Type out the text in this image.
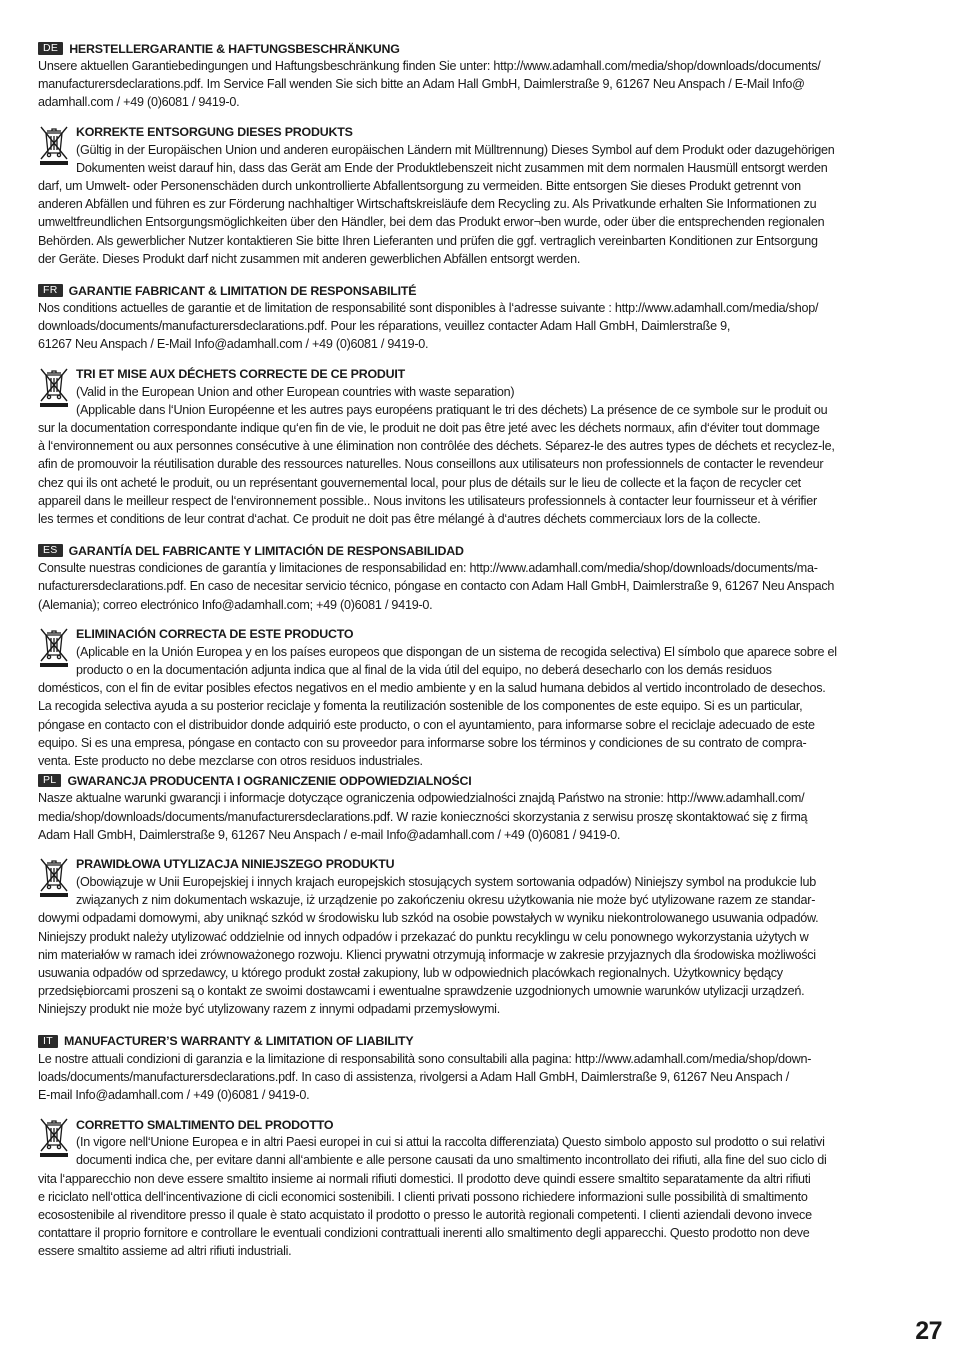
DE HERSTELLERGARANTIE & HAFTUNGSBESCHRÄNKUNG

Unsere aktuellen Garantiebedingungen und Haftungsbeschränkung finden Sie unter: http://www.adamhall.com/media/shop/downloads/documents/

manufacturersdeclarations.pdf. Im Service Fall wenden Sie sich bitte an Adam Hall GmbH, Daimlerstraße 9, 61267 Neu Anspach / E-Mail Info@

adamhall.com / +49 (0)6081 / 9419-0.

KORREKTE ENTSORGUNG DIESES PRODUKTS

(Gültig in der Europäischen Union und anderen europäischen Ländern mit Mülltrennung) Dieses Symbol auf dem Produkt oder dazugehörigen

Dokumenten weist darauf hin, dass das Gerät am Ende der Produktlebenszeit nicht zusammen mit dem normalen Hausmüll entsorgt werden

darf, um Umwelt- oder Personenschäden durch unkontrollierte Abfallentsorgung zu vermeiden. Bitte entsorgen Sie dieses Produkt getrennt von

anderen Abfällen und führen es zur Förderung nachhaltiger Wirtschaftskreisläufe dem Recycling zu. Als Privatkunde erhalten Sie Informationen zu

umweltfreundlichen Entsorgungsmöglichkeiten über den Händler, bei dem das Produkt erwor¬ben wurde, oder über die entsprechenden regionalen

Behörden. Als gewerblicher Nutzer kontaktieren Sie bitte Ihren Lieferanten und prüfen die ggf. vertraglich vereinbarten Konditionen zur Entsorgung

der Geräte. Dieses Produkt darf nicht zusammen mit anderen gewerblichen Abfällen entsorgt werden.

FR GARANTIE FABRICANT & LIMITATION DE RESPONSABILITÉ

Nos conditions actuelles de garantie et de limitation de responsabilité sont disponibles à l‘adresse suivante : http://www.adamhall.com/media/shop/

downloads/documents/manufacturersdeclarations.pdf. Pour les réparations, veuillez contacter Adam Hall GmbH, Daimlerstraße 9,

61267 Neu Anspach / E-Mail Info@adamhall.com / +49 (0)6081 / 9419-0.

TRI ET MISE AUX DÉCHETS CORRECTE DE CE PRODUIT

(Valid in the European Union and other European countries with waste separation)

(Applicable dans l‘Union Européenne et les autres pays européens pratiquant le tri des déchets) La présence de ce symbole sur le produit ou

sur la documentation correspondante indique qu‘en fin de vie, le produit ne doit pas être jeté avec les déchets normaux, afin d‘éviter tout dommage

à l‘environnement ou aux personnes consécutive à une élimination non contrôlée des déchets. Séparez-le des autres types de déchets et recyclez-le,

afin de promouvoir la réutilisation durable des ressources naturelles. Nous conseillons aux utilisateurs non professionnels de contacter le revendeur

chez qui ils ont acheté le produit, ou un représentant gouvernemental local, pour plus de détails sur le lieu de collecte et la façon de recycler cet

appareil dans le meilleur respect de l‘environnement possible.. Nous invitons les utilisateurs professionnels à contacter leur fournisseur et à vérifier

les termes et conditions de leur contrat d‘achat. Ce produit ne doit pas être mélangé à d‘autres déchets commerciaux lors de la collecte.

ES GARANTÍA DEL FABRICANTE Y LIMITACIÓN DE RESPONSABILIDAD

Consulte nuestras condiciones de garantía y limitaciones de responsabilidad en: http://www.adamhall.com/media/shop/downloads/documents/ma-

nufacturersdeclarations.pdf. En caso de necesitar servicio técnico, póngase en contacto con Adam Hall GmbH, Daimlerstraße 9, 61267 Neu Anspach

(Alemania); correo electrónico Info@adamhall.com; +49 (0)6081 / 9419-0.

ELIMINACIÓN CORRECTA DE ESTE PRODUCTO

(Aplicable en la Unión Europea y en los países europeos que dispongan de un sistema de recogida selectiva) El símbolo que aparece sobre el

producto o en la documentación adjunta indica que al final de la vida útil del equipo, no deberá desecharlo con los demás residuos

domésticos, con el fin de evitar posibles efectos negativos en el medio ambiente y en la salud humana debidos al vertido incontrolado de desechos.

La recogida selectiva ayuda a su posterior reciclaje y fomenta la reutilización sostenible de los componentes de este equipo. Si es un particular,

póngase en contacto con el distribuidor donde adquirió este producto, o con el ayuntamiento, para informarse sobre el reciclaje adecuado de este

equipo. Si es una empresa, póngase en contacto con su proveedor para informarse sobre los términos y condiciones de su contrato de compra-

venta. Este producto no debe mezclarse con otros residuos industriales.

PL GWARANCJA PRODUCENTA I OGRANICZENIE ODPOWIEDZIALNOŚCI

Nasze aktualne warunki gwarancji i informacje dotyczące ograniczenia odpowiedzialności znajdą Państwo na stronie: http://www.adamhall.com/

media/shop/downloads/documents/manufacturersdeclarations.pdf. W razie konieczności skorzystania z serwisu proszę skontaktować się z firmą

Adam Hall GmbH, Daimlerstraße 9, 61267 Neu Anspach / e-mail Info@adamhall.com / +49 (0)6081 / 9419-0.

PRAWIDŁOWA UTYLIZACJA NINIEJSZEGO PRODUKTU

(Obowiązuje w Unii Europejskiej i innych krajach europejskich stosujących system sortowania odpadów) Niniejszy symbol na produkcie lub

związanych z nim dokumentach wskazuje, iż urządzenie po zakończeniu okresu użytkowania nie może być utylizowane razem ze standar-

dowymi odpadami domowymi, aby uniknąć szkód w środowisku lub szkód na osobie powstałych w wyniku niekontrolowanego usuwania odpadów.

Niniejszy produkt należy utylizować oddzielnie od innych odpadów i przekazać do punktu recyklingu w celu ponownego wykorzystania użytych w

nim materiałów w ramach idei zrównoważonego rozwoju. Klienci prywatni otrzymują informacje w zakresie przyjaznych dla środowiska możliwości

usuwania odpadów od sprzedawcy, u którego produkt został zakupiony, lub w odpowiednich placówkach regionalnych. Użytkownicy będący

przedsiębiorcami proszeni są o kontakt ze swoimi dostawcami i ewentualne sprawdzenie uzgodnionych umownie warunków utylizacji urządzeń.

Niniejszy produkt nie może być utylizowany razem z innymi odpadami przemysłowymi.

IT MANUFACTURER’S WARRANTY & LIMITATION OF LIABILITY

Le nostre attuali condizioni di garanzia e la limitazione di responsabilità sono consultabili alla pagina: http://www.adamhall.com/media/shop/down-

loads/documents/manufacturersdeclarations.pdf. In caso di assistenza, rivolgersi a Adam Hall GmbH, Daimlerstraße 9, 61267 Neu Anspach /

E-mail Info@adamhall.com / +49 (0)6081 / 9419-0.

CORRETTO SMALTIMENTO DEL PRODOTTO

(In vigore nell‘Unione Europea e in altri Paesi europei in cui si attui la raccolta differenziata) Questo simbolo apposto sul prodotto o sui relativi

documenti indica che, per evitare danni all‘ambiente e alle persone causati da uno smaltimento incontrollato dei rifiuti, alla fine del suo ciclo di

vita l‘apparecchio non deve essere smaltito insieme ai normali rifiuti domestici. Il prodotto deve quindi essere smaltito separatamente da altri rifiuti

e riciclato nell‘ottica dell‘incentivazione di cicli economici sostenibili. I clienti privati possono richiedere informazioni sulle possibilità di smaltimento

ecosostenibile al rivenditore presso il quale è stato acquistato il prodotto o presso le autorità regionali competenti. I clienti aziendali devono invece

contattare il proprio fornitore e controllare le eventuali condizioni contrattuali inerenti allo smaltimento degli apparecchi. Questo prodotto non deve

essere smaltito assieme ad altri rifiuti industriali.

27
